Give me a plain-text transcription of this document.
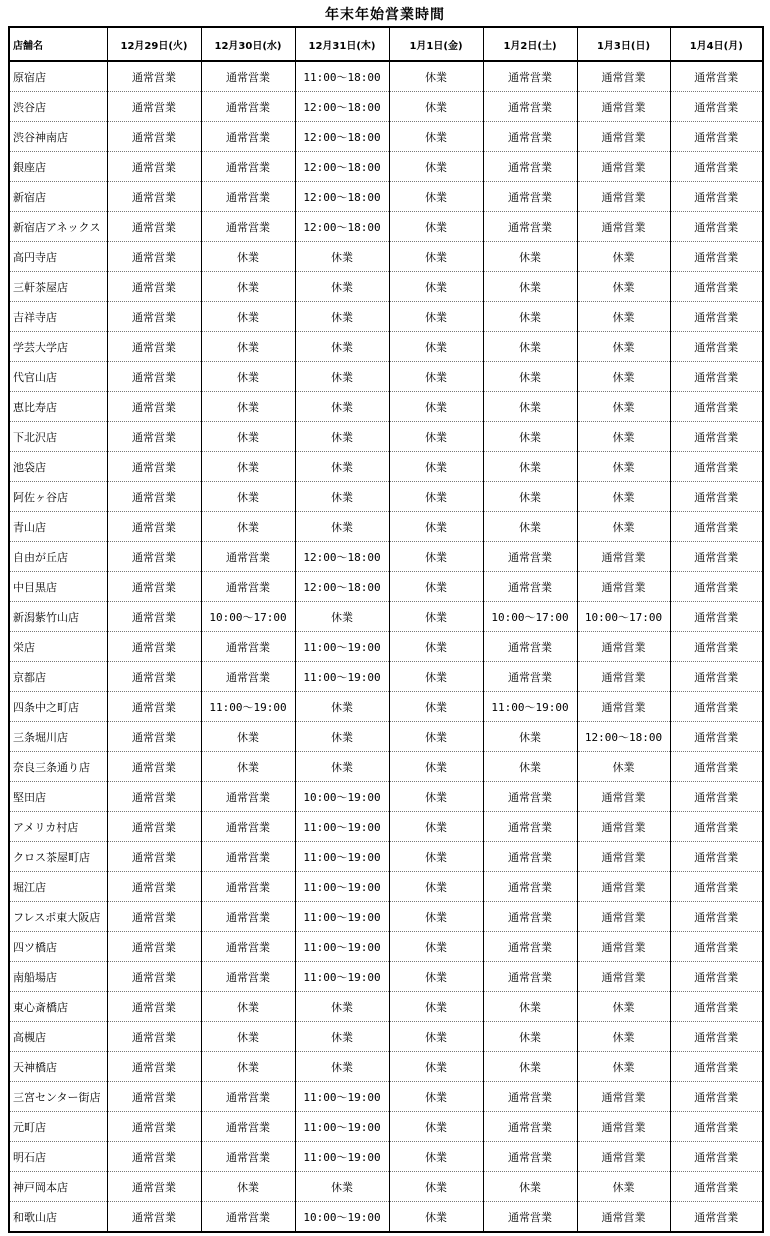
年末年始営業時間
店舗名	12月29日(火)	12月30日(水)	12月31日(木)	1月1日(金)	1月2日(土)	1月3日(日)	1月4日(月)
原宿店	通常営業	通常営業	11:00～18:00	休業	通常営業	通常営業	通常営業
渋谷店	通常営業	通常営業	12:00～18:00	休業	通常営業	通常営業	通常営業
渋谷神南店	通常営業	通常営業	12:00～18:00	休業	通常営業	通常営業	通常営業
銀座店	通常営業	通常営業	12:00～18:00	休業	通常営業	通常営業	通常営業
新宿店	通常営業	通常営業	12:00～18:00	休業	通常営業	通常営業	通常営業
新宿店アネックス	通常営業	通常営業	12:00～18:00	休業	通常営業	通常営業	通常営業
高円寺店	通常営業	休業	休業	休業	休業	休業	通常営業
三軒茶屋店	通常営業	休業	休業	休業	休業	休業	通常営業
吉祥寺店	通常営業	休業	休業	休業	休業	休業	通常営業
学芸大学店	通常営業	休業	休業	休業	休業	休業	通常営業
代官山店	通常営業	休業	休業	休業	休業	休業	通常営業
恵比寿店	通常営業	休業	休業	休業	休業	休業	通常営業
下北沢店	通常営業	休業	休業	休業	休業	休業	通常営業
池袋店	通常営業	休業	休業	休業	休業	休業	通常営業
阿佐ヶ谷店	通常営業	休業	休業	休業	休業	休業	通常営業
青山店	通常営業	休業	休業	休業	休業	休業	通常営業
自由が丘店	通常営業	通常営業	12:00～18:00	休業	通常営業	通常営業	通常営業
中目黒店	通常営業	通常営業	12:00～18:00	休業	通常営業	通常営業	通常営業
新潟紫竹山店	通常営業	10:00～17:00	休業	休業	10:00～17:00	10:00～17:00	通常営業
栄店	通常営業	通常営業	11:00～19:00	休業	通常営業	通常営業	通常営業
京都店	通常営業	通常営業	11:00～19:00	休業	通常営業	通常営業	通常営業
四条中之町店	通常営業	11:00～19:00	休業	休業	11:00～19:00	通常営業	通常営業
三条堀川店	通常営業	休業	休業	休業	休業	12:00～18:00	通常営業
奈良三条通り店	通常営業	休業	休業	休業	休業	休業	通常営業
堅田店	通常営業	通常営業	10:00～19:00	休業	通常営業	通常営業	通常営業
アメリカ村店	通常営業	通常営業	11:00～19:00	休業	通常営業	通常営業	通常営業
クロス茶屋町店	通常営業	通常営業	11:00～19:00	休業	通常営業	通常営業	通常営業
堀江店	通常営業	通常営業	11:00～19:00	休業	通常営業	通常営業	通常営業
フレスポ東大阪店	通常営業	通常営業	11:00～19:00	休業	通常営業	通常営業	通常営業
四ツ橋店	通常営業	通常営業	11:00～19:00	休業	通常営業	通常営業	通常営業
南船場店	通常営業	通常営業	11:00～19:00	休業	通常営業	通常営業	通常営業
東心斎橋店	通常営業	休業	休業	休業	休業	休業	通常営業
高槻店	通常営業	休業	休業	休業	休業	休業	通常営業
天神橋店	通常営業	休業	休業	休業	休業	休業	通常営業
三宮センター街店	通常営業	通常営業	11:00～19:00	休業	通常営業	通常営業	通常営業
元町店	通常営業	通常営業	11:00～19:00	休業	通常営業	通常営業	通常営業
明石店	通常営業	通常営業	11:00～19:00	休業	通常営業	通常営業	通常営業
神戸岡本店	通常営業	休業	休業	休業	休業	休業	通常営業
和歌山店	通常営業	通常営業	10:00～19:00	休業	通常営業	通常営業	通常営業
